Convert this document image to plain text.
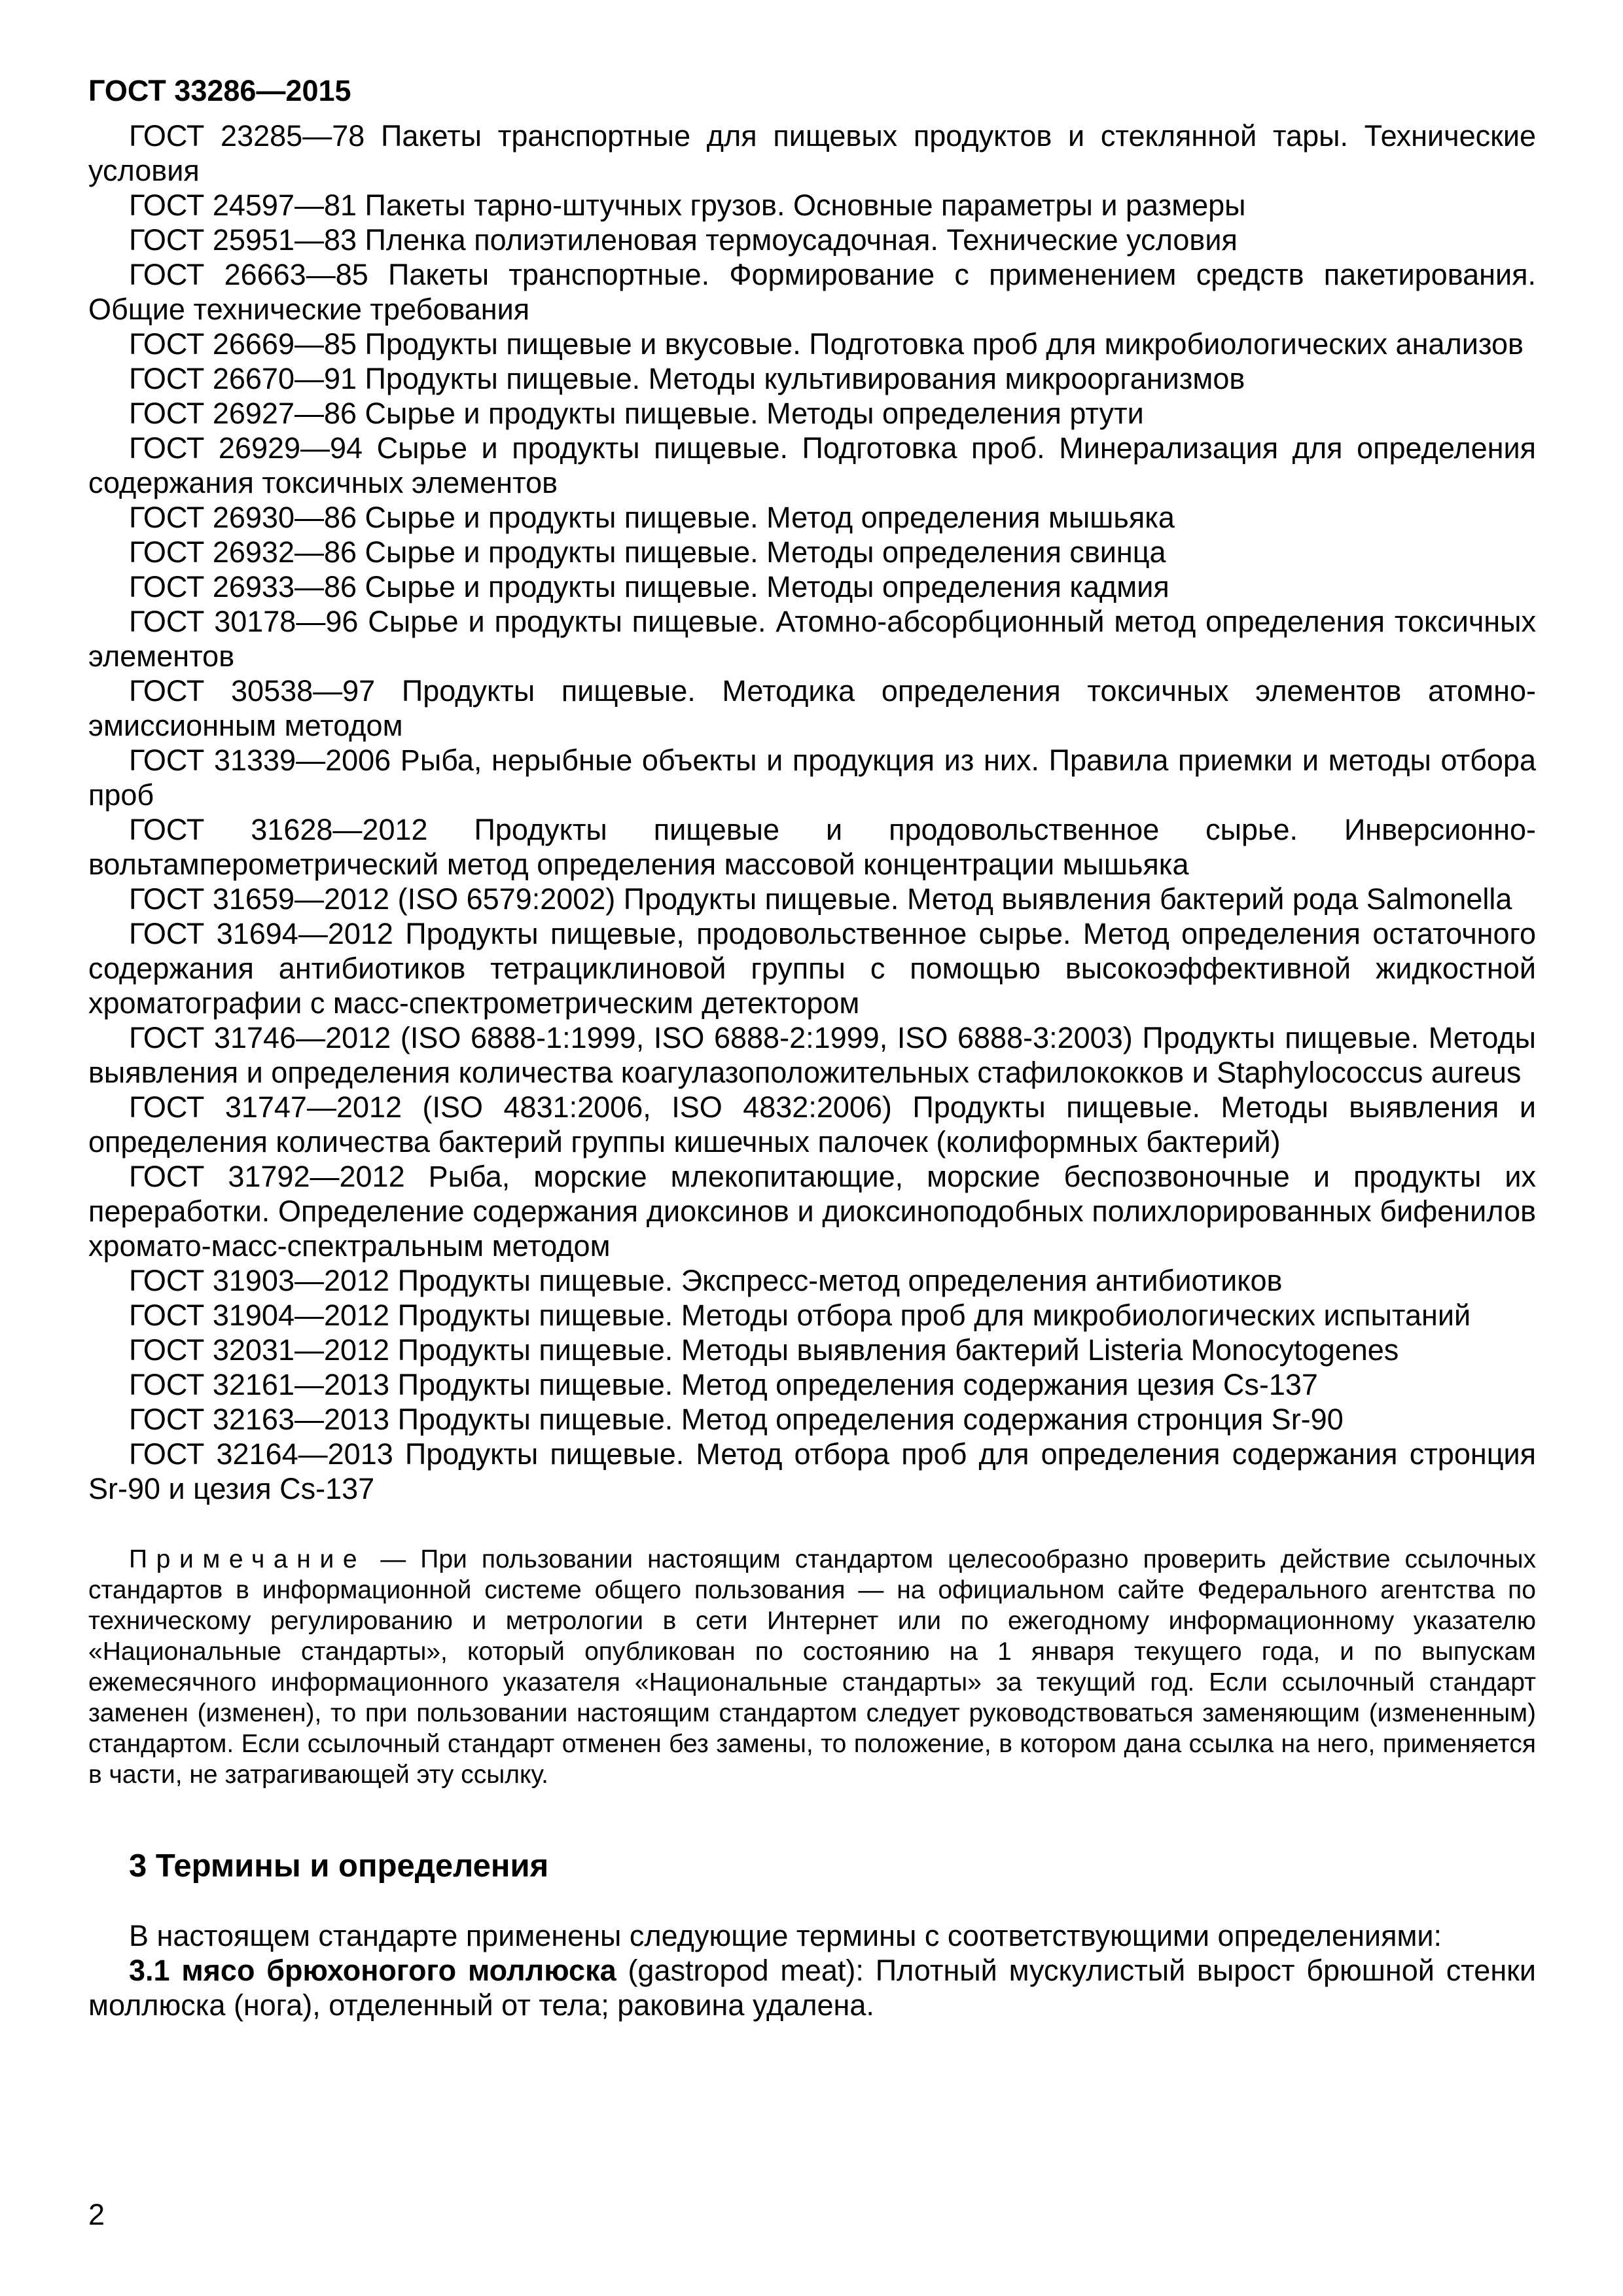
ГОСТ 33286—2015

ГОСТ 23285—78 Пакеты транспортные для пищевых продуктов и стеклянной тары. Технические условия

ГОСТ 24597—81 Пакеты тарно-штучных грузов. Основные параметры и размеры

ГОСТ 25951—83 Пленка полиэтиленовая термоусадочная. Технические условия

ГОСТ 26663—85 Пакеты транспортные. Формирование с применением средств пакетирования. Общие технические требования

ГОСТ 26669—85 Продукты пищевые и вкусовые. Подготовка проб для микробиологических анализов

ГОСТ 26670—91 Продукты пищевые. Методы культивирования микроорганизмов

ГОСТ 26927—86 Сырье и продукты пищевые. Методы определения ртути

ГОСТ 26929—94 Сырье и продукты пищевые. Подготовка проб. Минерализация для определения содержания токсичных элементов

ГОСТ 26930—86 Сырье и продукты пищевые. Метод определения мышьяка

ГОСТ 26932—86 Сырье и продукты пищевые. Методы определения свинца

ГОСТ 26933—86 Сырье и продукты пищевые. Методы определения кадмия

ГОСТ 30178—96 Сырье и продукты пищевые. Атомно-абсорбционный метод определения токсичных элементов

ГОСТ 30538—97 Продукты пищевые. Методика определения токсичных элементов атомно-эмиссионным методом

ГОСТ 31339—2006 Рыба, нерыбные объекты и продукция из них. Правила приемки и методы отбора проб

ГОСТ 31628—2012 Продукты пищевые и продовольственное сырье. Инверсионно-вольтамперометрический метод определения массовой концентрации мышьяка

ГОСТ 31659—2012 (ISO 6579:2002) Продукты пищевые. Метод выявления бактерий рода Salmonella

ГОСТ 31694—2012 Продукты пищевые, продовольственное сырье. Метод определения остаточного содержания антибиотиков тетрациклиновой группы с помощью высокоэффективной жидкостной хроматографии с масс-спектрометрическим детектором

ГОСТ 31746—2012 (ISO 6888-1:1999, ISO 6888-2:1999, ISO 6888-3:2003) Продукты пищевые. Методы выявления и определения количества коагулазоположительных стафилококков и Staphylococcus aureus

ГОСТ 31747—2012 (ISO 4831:2006, ISO 4832:2006) Продукты пищевые. Методы выявления и определения количества бактерий группы кишечных палочек (колиформных бактерий)

ГОСТ 31792—2012 Рыба, морские млекопитающие, морские беспозвоночные и продукты их переработки. Определение содержания диоксинов и диоксиноподобных полихлорированных бифенилов хромато-масс-спектральным методом

ГОСТ 31903—2012 Продукты пищевые. Экспресс-метод определения антибиотиков

ГОСТ 31904—2012 Продукты пищевые. Методы отбора проб для микробиологических испытаний

ГОСТ 32031—2012 Продукты пищевые. Методы выявления бактерий Listeria Monocytogenes

ГОСТ 32161—2013 Продукты пищевые. Метод определения содержания цезия Cs-137

ГОСТ 32163—2013 Продукты пищевые. Метод определения содержания стронция Sr-90

ГОСТ 32164—2013 Продукты пищевые. Метод отбора проб для определения содержания стронция Sr-90 и цезия Cs-137

Примечание — При пользовании настоящим стандартом целесообразно проверить действие ссылочных стандартов в информационной системе общего пользования — на официальном сайте Федерального агентства по техническому регулированию и метрологии в сети Интернет или по ежегодному информационному указателю «Национальные стандарты», который опубликован по состоянию на 1 января текущего года, и по выпускам ежемесячного информационного указателя «Национальные стандарты» за текущий год. Если ссылочный стандарт заменен (изменен), то при пользовании настоящим стандартом следует руководствоваться заменяющим (измененным) стандартом. Если ссылочный стандарт отменен без замены, то положение, в котором дана ссылка на него, применяется в части, не затрагивающей эту ссылку.

3 Термины и определения

В настоящем стандарте применены следующие термины с соответствующими определениями:

3.1 мясо брюхоногого моллюска (gastropod meat): Плотный мускулистый вырост брюшной стенки моллюска (нога), отделенный от тела; раковина удалена.

2
